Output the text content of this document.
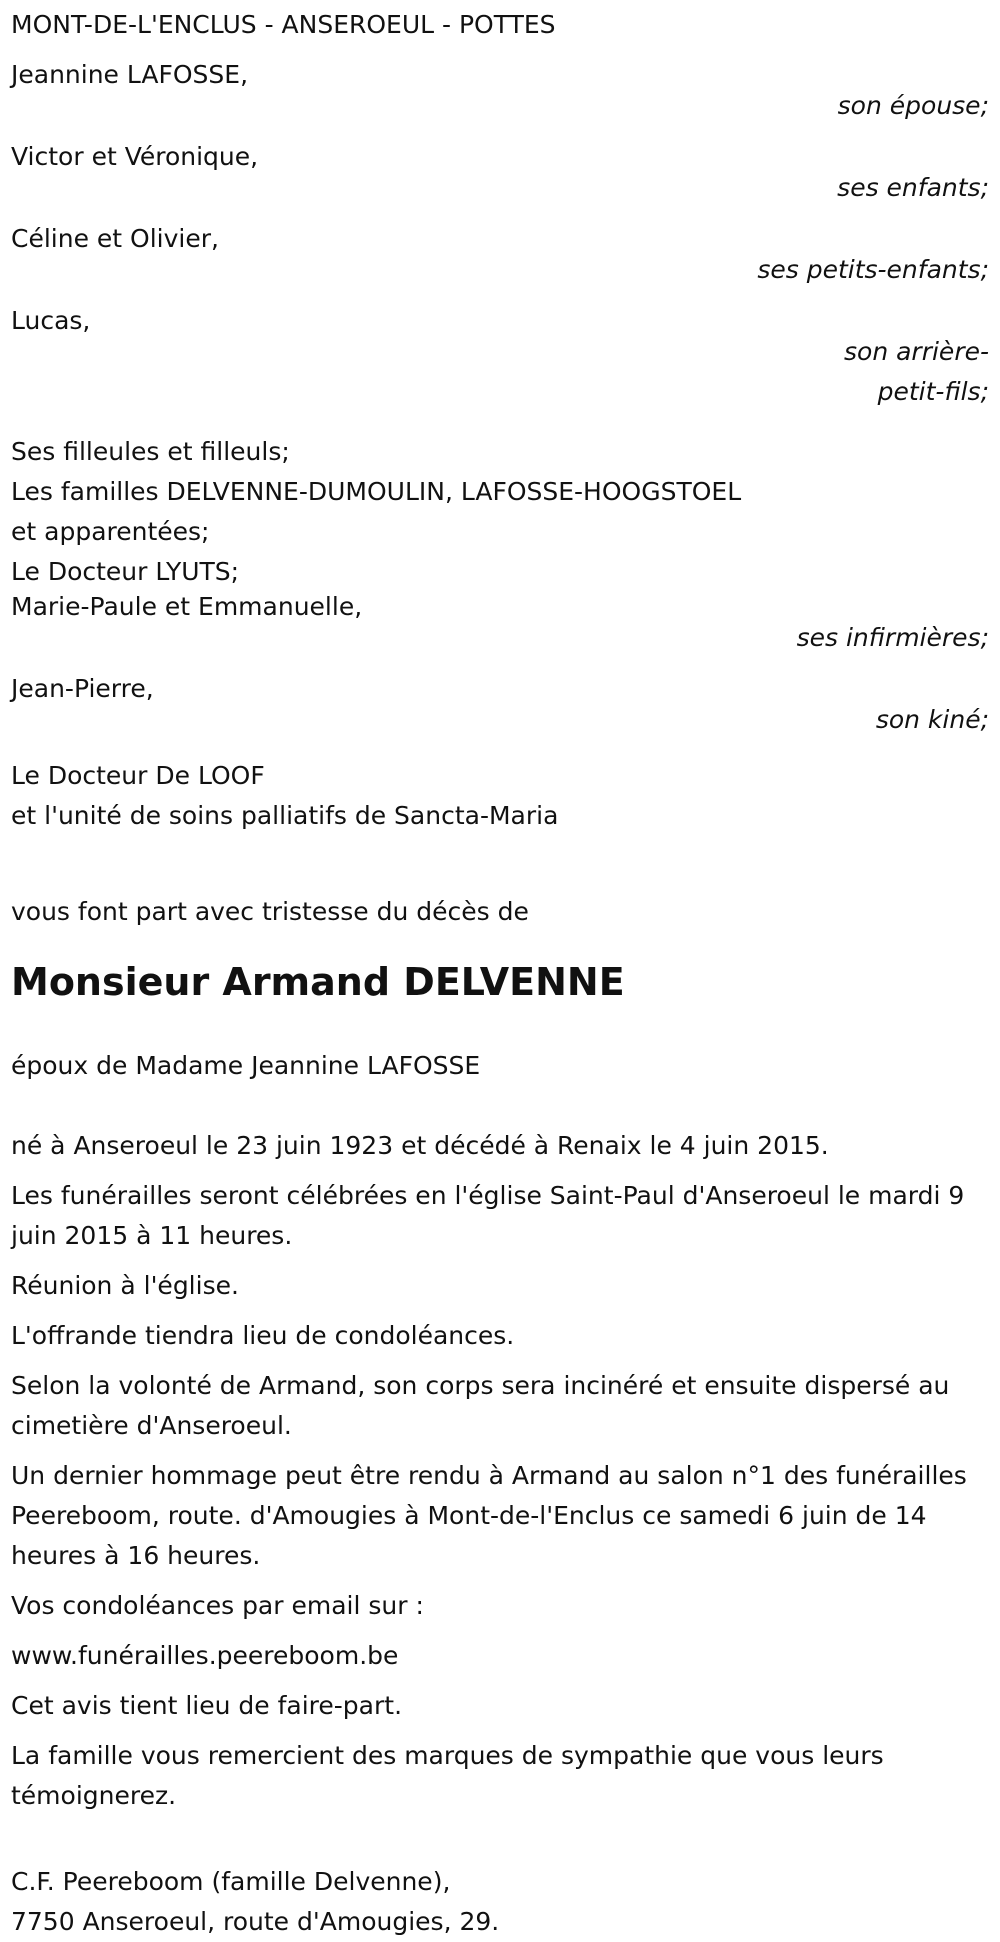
MONT-DE-L'ENCLUS - ANSEROEUL - POTTES
Jeannine LAFOSSE,
son épouse;
Victor et Véronique,
ses enfants;
Céline et Olivier,
ses petits-enfants;
Lucas,
son arrière-
petit-fils;
Ses filleules et filleuls;
Les familles DELVENNE-DUMOULIN, LAFOSSE-HOOGSTOEL
et apparentées;
Le Docteur LYUTS;
Marie-Paule et Emmanuelle,
ses infirmières;
Jean-Pierre,
son kiné;
Le Docteur De LOOF
et l'unité de soins palliatifs de Sancta-Maria
vous font part avec tristesse du décès de
Monsieur Armand DELVENNE
époux de Madame Jeannine LAFOSSE
né à Anseroeul le 23 juin 1923 et décédé à Renaix le 4 juin 2015.
Les funérailles seront célébrées en l'église Saint-Paul d'Anseroeul le mardi 9 juin 2015 à 11 heures.
Réunion à l'église.
L'offrande tiendra lieu de condoléances.
Selon la volonté de Armand, son corps sera incinéré et ensuite dispersé au cimetière d'Anseroeul.
Un dernier hommage peut être rendu à Armand au salon n°1 des funérailles Peereboom, route. d'Amougies à Mont-de-l'Enclus ce samedi 6 juin de 14 heures à 16 heures.
Vos condoléances par email sur :
www.funérailles.peereboom.be
Cet avis tient lieu de faire-part.
La famille vous remercient des marques de sympathie que vous leurs témoignerez.
C.F. Peereboom (famille Delvenne),
7750 Anseroeul, route d'Amougies, 29.
